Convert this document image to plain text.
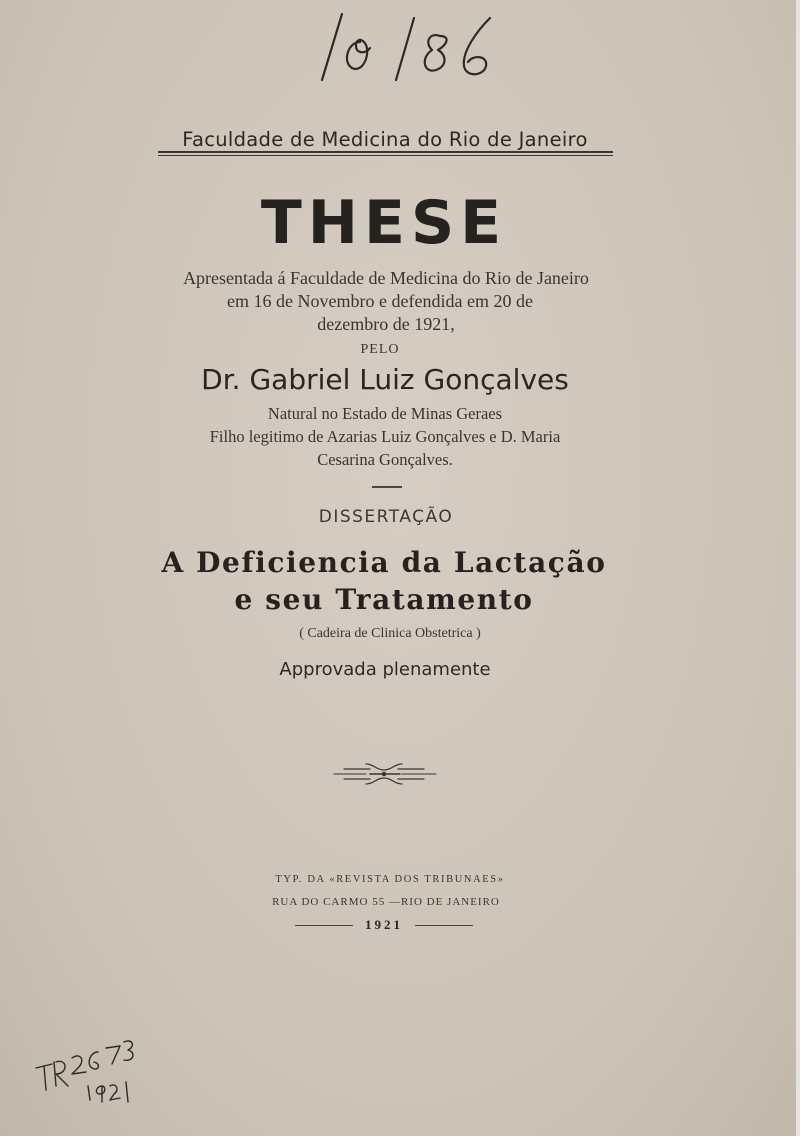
Faculdade de Medicina do Rio de Janeiro
THESE
Apresentada á Faculdade de Medicina do Rio de Janeiro
em 16 de Novembro e defendida em 20 de
dezembro de 1921,
PELO
Dr. Gabriel Luiz Gonçalves
Natural no Estado de Minas Geraes
Filho legitimo de Azarias Luiz Gonçalves e D. Maria
Cesarina Gonçalves.
DISSERTAÇÃO
A Deficiencia da Lactação
e seu Tratamento
( Cadeira de Clinica Obstetrica )
Approvada plenamente
TYP. DA «REVISTA DOS TRIBUNAES»
RUA DO CARMO 55 —RIO DE JANEIRO
1921
